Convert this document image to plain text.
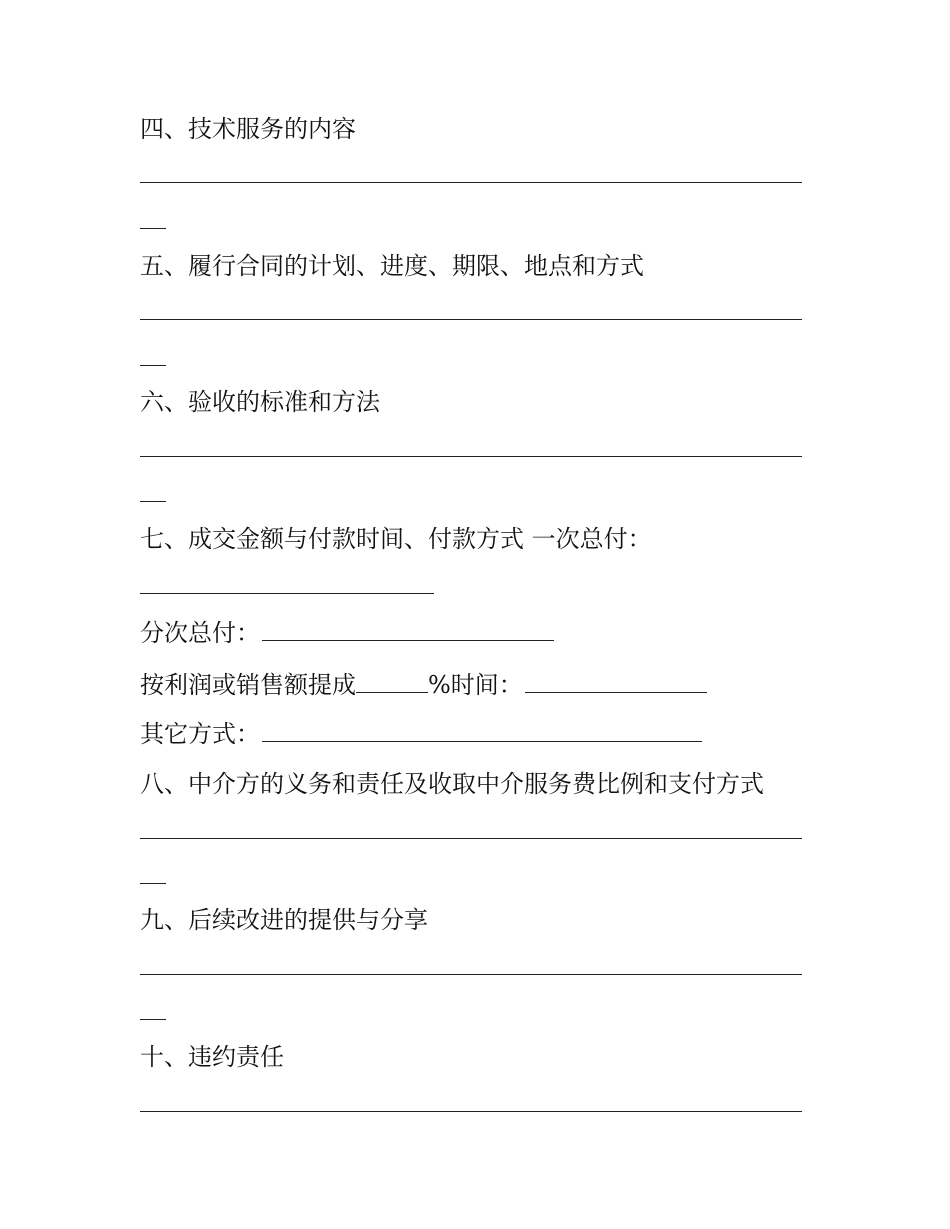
四、技术服务的内容

五、履行合同的计划、进度、期限、地点和方式

六、验收的标准和方法

七、成交金额与付款时间、付款方式 一次总付：

分次总付：

按利润或销售额提成	%时间：

其它方式：

八、中介方的义务和责任及收取中介服务费比例和支付方式

九、后续改进的提供与分享

十、违约责任
